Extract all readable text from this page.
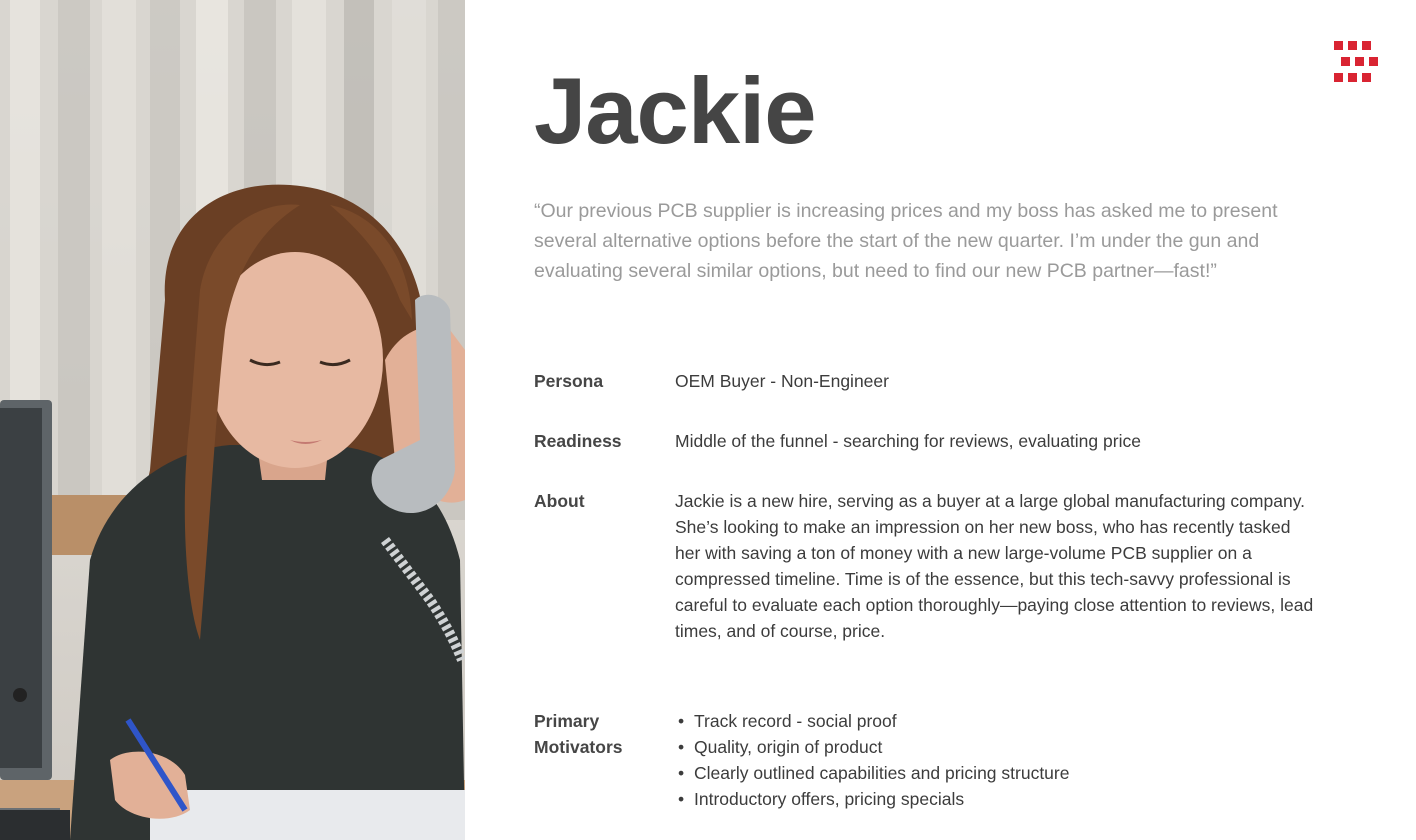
Jackie

“Our previous PCB supplier is increasing prices and my boss has asked me to present several alternative options before the start of the new quarter. I’m under the gun and evaluating several similar options, but need to find our new PCB partner—fast!”

Persona	OEM Buyer - Non-Engineer
Readiness	Middle of the funnel - searching for reviews, evaluating price
About	Jackie is a new hire, serving as a buyer at a large global manufacturing company. She’s looking to make an impression on her new boss, who has recently tasked her with saving a ton of money with a new large-volume PCB supplier on a compressed timeline. Time is of the essence, but this tech-savvy professional is careful to evaluate each option thoroughly—paying close attention to reviews, lead times, and of course, price.
Primary
Motivators
• Track record - social proof
• Quality, origin of product
• Clearly outlined capabilities and pricing structure
• Introductory offers, pricing specials
